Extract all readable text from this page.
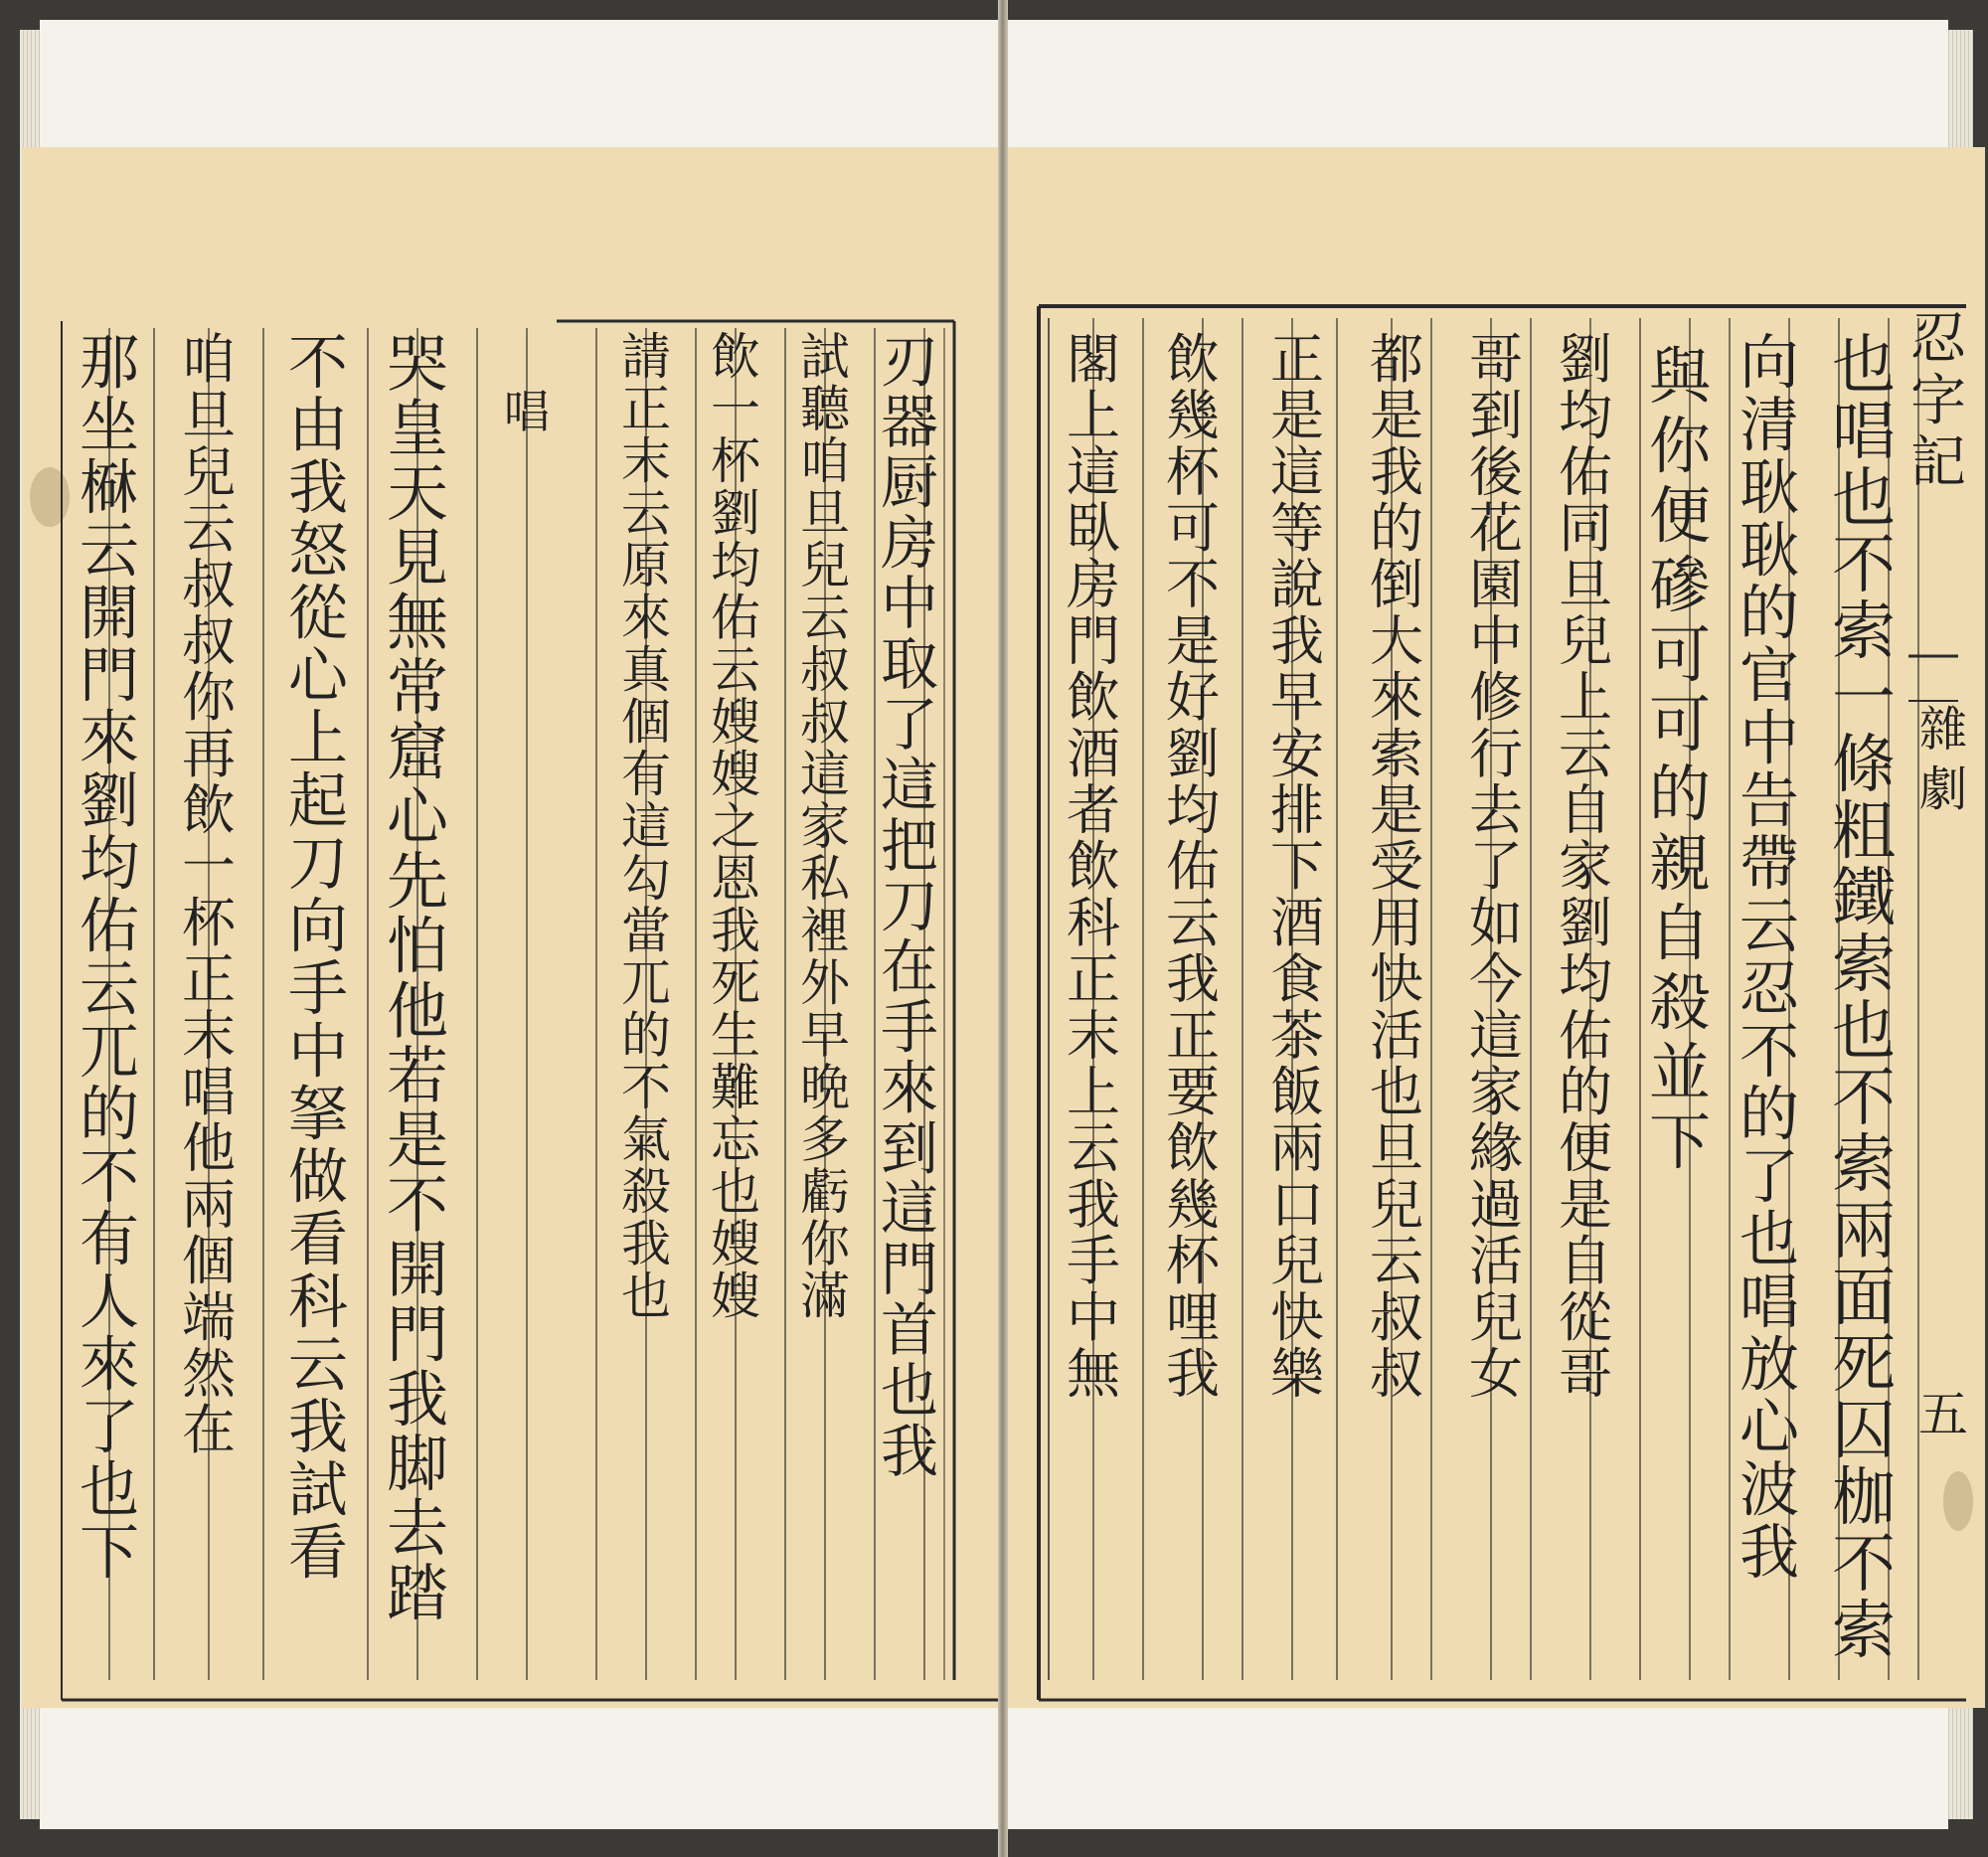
刃
器
厨
房
中
取
了
這
把
刀
在
手
來
到
這
門
首
也
我
試
聽
咱
旦
兒
云
叔
叔
這
家
私
裡
外
早
晩
多
虧
你
滿
飲
一
杯
劉
均
佑
云
嫂
嫂
之
恩
我
死
生
難
忘
也
嫂
嫂
請
正
末
云
原
來
真
個
有
這
勾
當
兀
的
不
氣
殺
我
也
唱
哭
皇
天
見
無
常
窟
心
先
怕
他
若
是
不
開
門
我
脚
去
踏
不
由
我
怒
從
心
上
起
刀
向
手
中
拏
做
看
科
云
我
試
看
咱
旦
兒
云
叔
叔
你
再
飲
一
杯
正
末
唱
他
兩
個
端
然
在
那
坐
㮟
云
開
門
來
劉
均
佑
云
兀
的
不
有
人
來
了
也
下
也
唱
也
不
索
一
條
粗
鐵
索
也
不
索
兩
面
死
囚
枷
不
索
向
清
耿
耿
的
官
中
告
帶
云
忍
不
的
了
也
唱
放
心
波
我
與
你
便
磣
可
可
的
親
自
殺
並
下
劉
均
佑
同
旦
兒
上
云
自
家
劉
均
佑
的
便
是
自
從
哥
哥
到
後
花
園
中
修
行
去
了
如
今
這
家
緣
過
活
兒
女
都
是
我
的
倒
大
來
索
是
受
用
快
活
也
旦
兒
云
叔
叔
正
是
這
等
說
我
早
安
排
下
酒
食
茶
飯
兩
口
兒
快
樂
飲
幾
杯
可
不
是
好
劉
均
佑
云
我
正
要
飲
幾
杯
哩
我
閣
上
這
臥
房
門
飲
酒
者
飲
科
正
末
上
云
我
手
中
無
忍
字
記
雜
劇
五
